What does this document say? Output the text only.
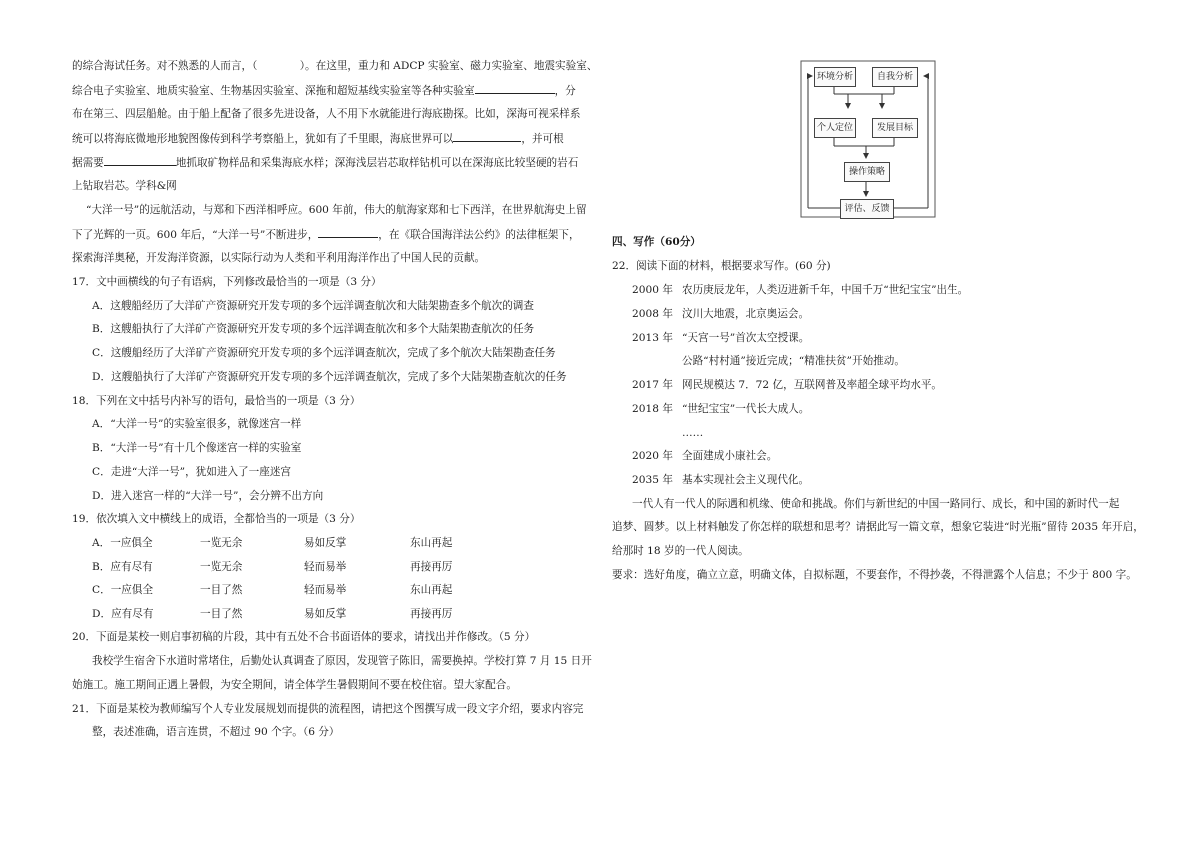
的综合海试任务。对不熟悉的人而言，（　　　　）。在这里，重力和 ADCP 实验室、磁力实验室、地震实验室、
综合电子实验室、地质实验室、生物基因实验室、深拖和超短基线实验室等各种实验室	，分
布在第三、四层船舱。由于船上配备了很多先进设备，人不用下水就能进行海底勘探。比如，深海可视采样系
统可以将海底微地形地貌图像传到科学考察船上，犹如有了千里眼，海底世界可以	，并可根
据需要	地抓取矿物样品和采集海底水样；深海浅层岩芯取样钻机可以在深海底比较坚硬的岩石
上钻取岩芯。学科&网
“大洋一号”的远航活动，与郑和下西洋相呼应。600 年前，伟大的航海家郑和七下西洋，在世界航海史上留
下了光辉的一页。600 年后，“大洋一号”不断进步，	，在《联合国海洋法公约》的法律框架下，
探索海洋奥秘，开发海洋资源，以实际行动为人类和平利用海洋作出了中国人民的贡献。
17．文中画横线的句子有语病，下列修改最恰当的一项是（3 分）
A．这艘船经历了大洋矿产资源研究开发专项的多个远洋调查航次和大陆架勘查多个航次的调查
B．这艘船执行了大洋矿产资源研究开发专项的多个远洋调查航次和多个大陆架勘查航次的任务
C．这艘船经历了大洋矿产资源研究开发专项的多个远洋调查航次，完成了多个航次大陆架勘查任务
D．这艘船执行了大洋矿产资源研究开发专项的多个远洋调查航次，完成了多个大陆架勘查航次的任务
18．下列在文中括号内补写的语句，最恰当的一项是（3 分）
A．“大洋一号”的实验室很多，就像迷宫一样
B．“大洋一号”有十几个像迷宫一样的实验室
C．走进“大洋一号”，犹如进入了一座迷宫
D．进入迷宫一样的“大洋一号”，会分辨不出方向
19．依次填入文中横线上的成语，全都恰当的一项是（3 分）
A．一应俱全	一览无余	易如反掌	东山再起
B．应有尽有	一览无余	轻而易举	再接再厉
C．一应俱全	一目了然	轻而易举	东山再起
D．应有尽有	一目了然	易如反掌	再接再厉
20．下面是某校一则启事初稿的片段，其中有五处不合书面语体的要求，请找出并作修改。（5 分）
我校学生宿舍下水道时常堵住，后勤处认真调查了原因，发现管子陈旧，需要换掉。学校打算 7 月 15 日开
始施工。施工期间正遇上暑假，为安全期间，请全体学生暑假期间不要在校住宿。望大家配合。
21．下面是某校为教师编写个人专业发展规划而提供的流程图，请把这个图撰写成一段文字介绍，要求内容完
整，表述准确，语言连贯，不超过 90 个字。（6 分）
环境分析	自我分析
个人定位	发展目标
操作策略
评估、反馈
四、写作（60分）
22．阅读下面的材料，根据要求写作。(60 分)
2000 年 农历庚辰龙年，人类迈进新千年，中国千万“世纪宝宝”出生。
2008 年 汶川大地震，北京奥运会。
2013 年 “天宫一号”首次太空授课。
公路“村村通”接近完成；“精准扶贫”开始推动。
2017 年 网民规模达 7．72 亿，互联网普及率超全球平均水平。
2018 年 “世纪宝宝”一代长大成人。
……
2020 年 全面建成小康社会。
2035 年 基本实现社会主义现代化。
一代人有一代人的际遇和机缘、使命和挑战。你们与新世纪的中国一路同行、成长，和中国的新时代一起
追梦、圆梦。以上材料触发了你怎样的联想和思考？请据此写一篇文章，想象它装进“时光瓶”留待 2035 年开启，
给那时 18 岁的一代人阅读。
要求：选好角度，确立立意，明确文体，自拟标题，不要套作，不得抄袭，不得泄露个人信息；不少于 800 字。
